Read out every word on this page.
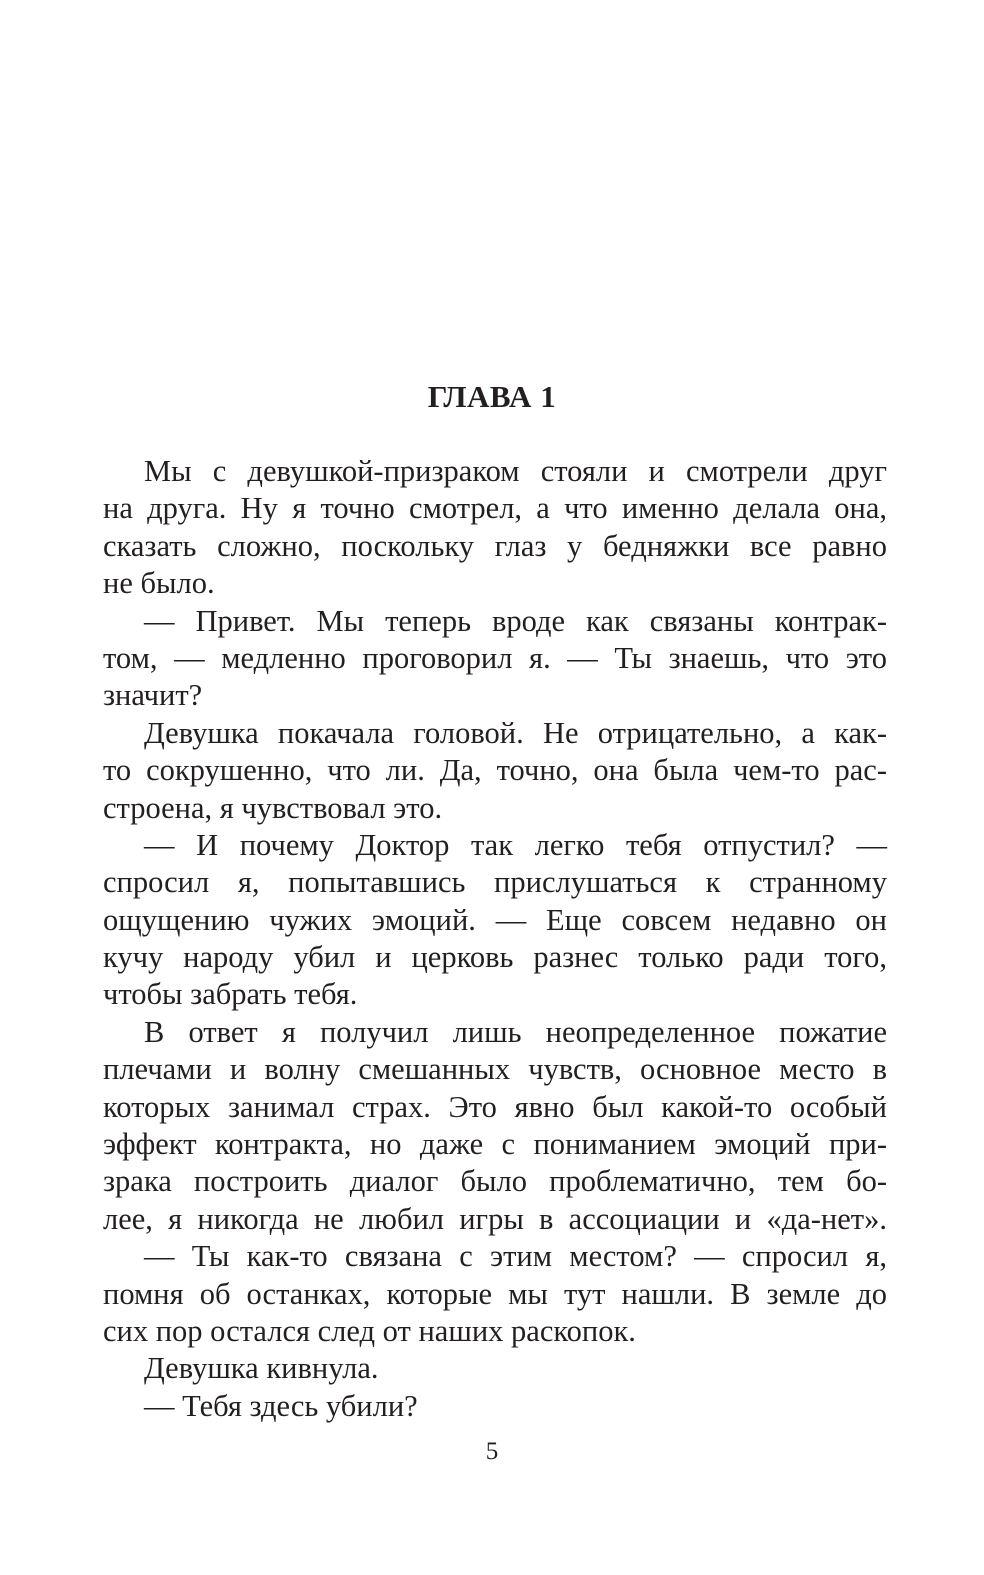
ГЛАВА 1
Мы с девушкой-призраком стояли и смотрели друг
на друга. Ну я точно смотрел, а что именно делала она,
сказать сложно, поскольку глаз у бедняжки все равно
не было.
— Привет. Мы теперь вроде как связаны контрак-
том, — медленно проговорил я. — Ты знаешь, что это
значит?
Девушка покачала головой. Не отрицательно, а как-
то сокрушенно, что ли. Да, точно, она была чем-то рас-
строена, я чувствовал это.
— И почему Доктор так легко тебя отпустил? —
спросил я, попытавшись прислушаться к странному
ощущению чужих эмоций. — Еще совсем недавно он
кучу народу убил и церковь разнес только ради того,
чтобы забрать тебя.
В ответ я получил лишь неопределенное пожатие
плечами и волну смешанных чувств, основное место в
которых занимал страх. Это явно был какой-то особый
эффект контракта, но даже с пониманием эмоций при-
зрака построить диалог было проблематично, тем бо-
лее, я никогда не любил игры в ассоциации и «да-нет».
— Ты как-то связана с этим местом? — спросил я,
помня об останках, которые мы тут нашли. В земле до
сих пор остался след от наших раскопок.
Девушка кивнула.
— Тебя здесь убили?
5
